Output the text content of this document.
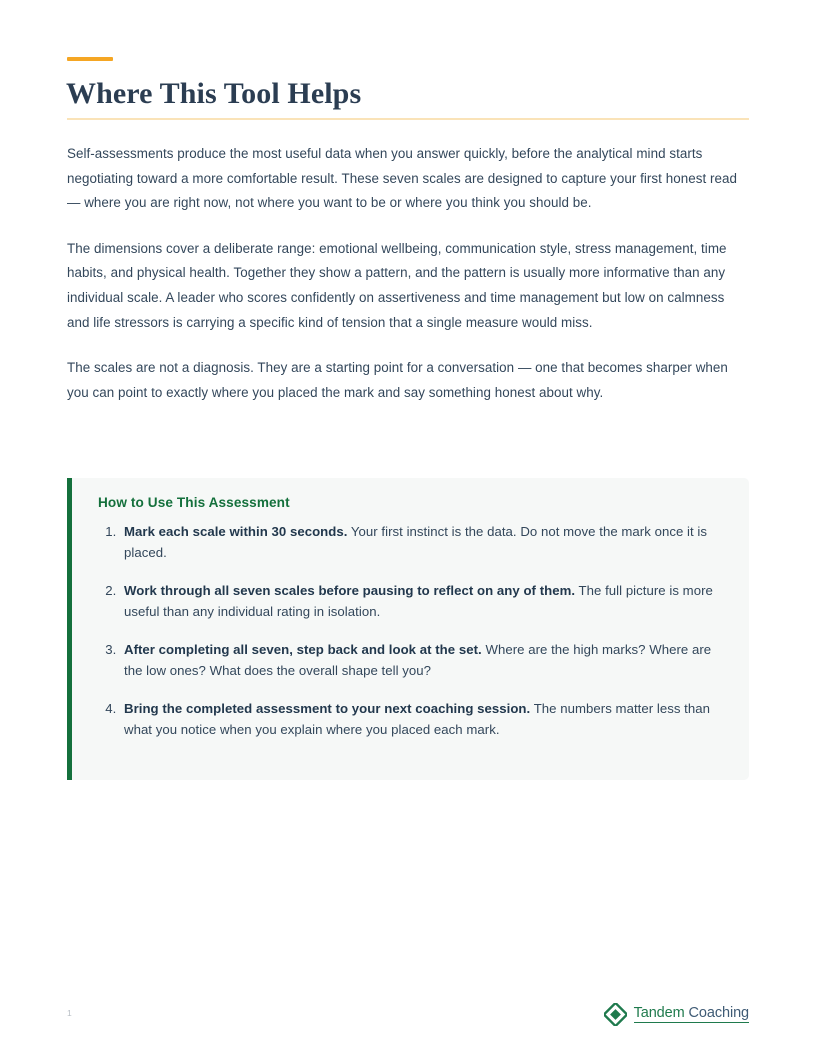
Where This Tool Helps

Self-assessments produce the most useful data when you answer quickly, before the analytical mind starts negotiating toward a more comfortable result. These seven scales are designed to capture your first honest read — where you are right now, not where you want to be or where you think you should be.

The dimensions cover a deliberate range: emotional wellbeing, communication style, stress management, time habits, and physical health. Together they show a pattern, and the pattern is usually more informative than any individual scale. A leader who scores confidently on assertiveness and time management but low on calmness and life stressors is carrying a specific kind of tension that a single measure would miss.

The scales are not a diagnosis. They are a starting point for a conversation — one that becomes sharper when you can point to exactly where you placed the mark and say something honest about why.

How to Use This Assessment

1. Mark each scale within 30 seconds. Your first instinct is the data. Do not move the mark once it is placed.
2. Work through all seven scales before pausing to reflect on any of them. The full picture is more useful than any individual rating in isolation.
3. After completing all seven, step back and look at the set. Where are the high marks? Where are the low ones? What does the overall shape tell you?
4. Bring the completed assessment to your next coaching session. The numbers matter less than what you notice when you explain where you placed each mark.
1	Tandem Coaching
